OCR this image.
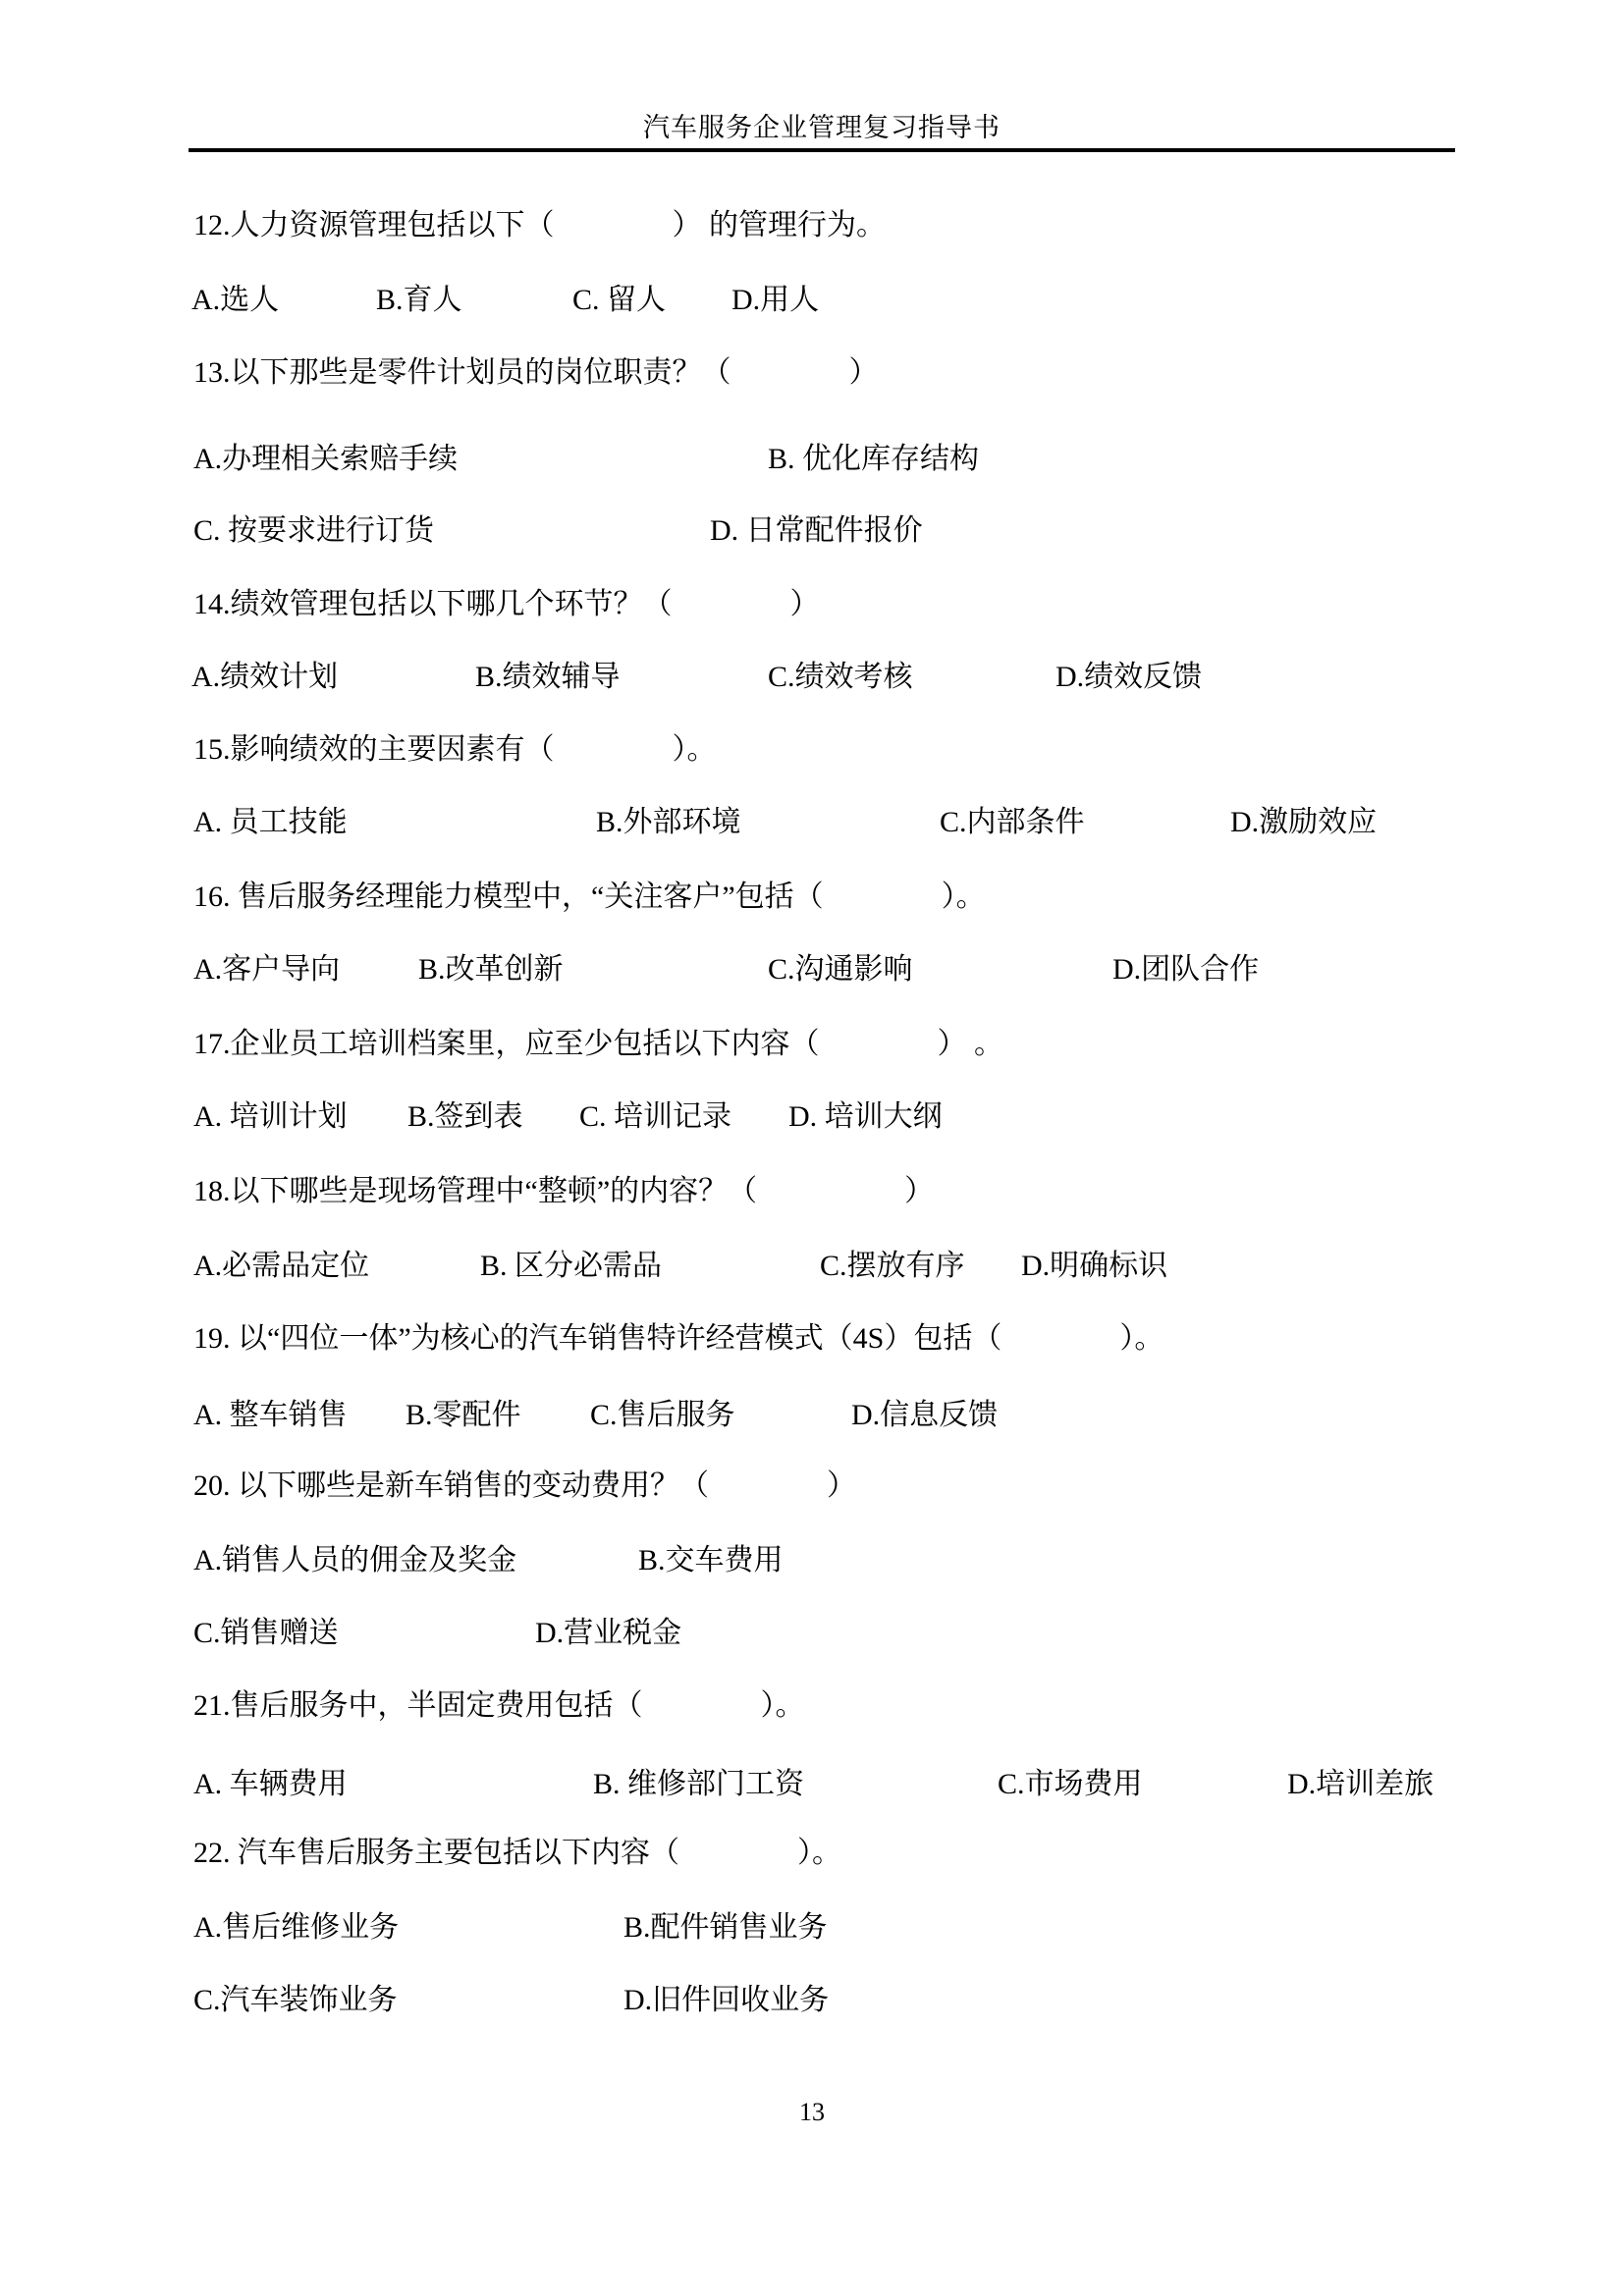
汽车服务企业管理复习指导书
12.人力资源管理包括以下（　　　　） 的管理行为。
A.选人	B.育人	C. 留人 D.用人
13.以下那些是零件计划员的岗位职责？（　　　　）
A.办理相关索赔手续	B. 优化库存结构
C. 按要求进行订货	D. 日常配件报价
14.绩效管理包括以下哪几个环节？（　　　　）
A.绩效计划	B.绩效辅导	C.绩效考核	D.绩效反馈
15.影响绩效的主要因素有（　　　　）。
A. 员工技能	B.外部环境	C.内部条件	D.激励效应
16. 售后服务经理能力模型中，“关注客户”包括（　　　　）。
A.客户导向	B.改革创新	C.沟通影响	D.团队合作
17.企业员工培训档案里，应至少包括以下内容（　　　　） 。
A. 培训计划 B.签到表 C. 培训记录 D. 培训大纲
18.以下哪些是现场管理中“整顿”的内容？（　　　　　）
A.必需品定位	B. 区分必需品	C.摆放有序 D.明确标识
19. 以“四位一体”为核心的汽车销售特许经营模式（4S）包括（　　　　）。
A. 整车销售 B.零配件 C.售后服务	D.信息反馈
20. 以下哪些是新车销售的变动费用？（　　　　）
A.销售人员的佣金及奖金	B.交车费用
C.销售赠送	D.营业税金
21.售后服务中，半固定费用包括（　　　　）。
A. 车辆费用	B. 维修部门工资	C.市场费用	D.培训差旅
22. 汽车售后服务主要包括以下内容（　　　　）。
A.售后维修业务	B.配件销售业务
C.汽车装饰业务	D.旧件回收业务
13
